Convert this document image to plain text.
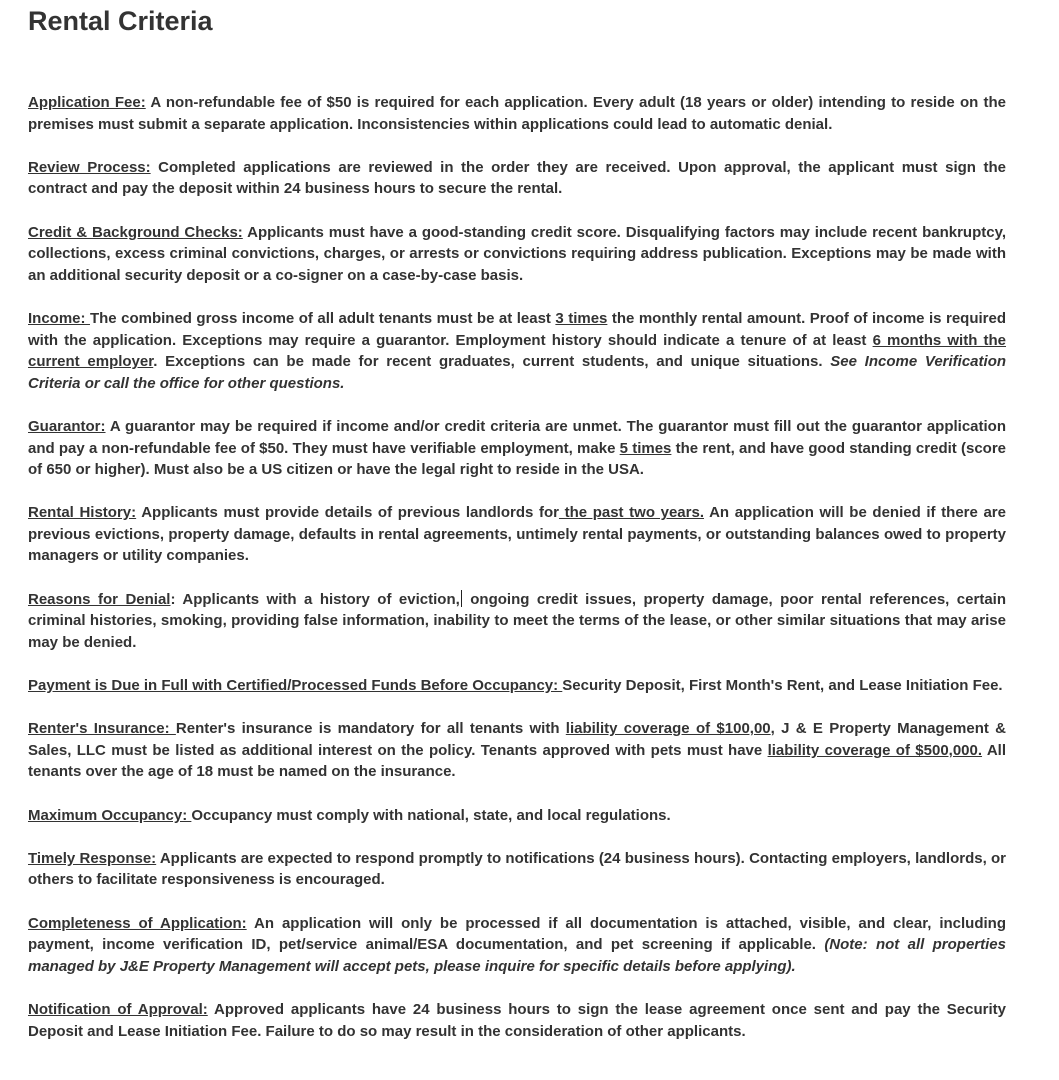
Rental Criteria

Application Fee: A non-refundable fee of $50 is required for each application. Every adult (18 years or older) intending to reside on the premises must submit a separate application. Inconsistencies within applications could lead to automatic denial.

Review Process: Completed applications are reviewed in the order they are received. Upon approval, the applicant must sign the contract and pay the deposit within 24 business hours to secure the rental.

Credit & Background Checks: Applicants must have a good-standing credit score. Disqualifying factors may include recent bankruptcy, collections, excess criminal convictions, charges, or arrests or convictions requiring address publication. Exceptions may be made with an additional security deposit or a co-signer on a case-by-case basis.

Income: The combined gross income of all adult tenants must be at least 3 times the monthly rental amount. Proof of income is required with the application. Exceptions may require a guarantor. Employment history should indicate a tenure of at least 6 months with the current employer. Exceptions can be made for recent graduates, current students, and unique situations. See Income Verification Criteria or call the office for other questions.

Guarantor: A guarantor may be required if income and/or credit criteria are unmet. The guarantor must fill out the guarantor application and pay a non-refundable fee of $50. They must have verifiable employment, make 5 times the rent, and have good standing credit (score of 650 or higher). Must also be a US citizen or have the legal right to reside in the USA.

Rental History: Applicants must provide details of previous landlords for the past two years. An application will be denied if there are previous evictions, property damage, defaults in rental agreements, untimely rental payments, or outstanding balances owed to property managers or utility companies.

Reasons for Denial: Applicants with a history of eviction, ongoing credit issues, property damage, poor rental references, certain criminal histories, smoking, providing false information, inability to meet the terms of the lease, or other similar situations that may arise may be denied.

Payment is Due in Full with Certified/Processed Funds Before Occupancy: Security Deposit, First Month's Rent, and Lease Initiation Fee.

Renter's Insurance: Renter's insurance is mandatory for all tenants with liability coverage of $100,00, J & E Property Management & Sales, LLC must be listed as additional interest on the policy. Tenants approved with pets must have liability coverage of $500,000. All tenants over the age of 18 must be named on the insurance.

Maximum Occupancy: Occupancy must comply with national, state, and local regulations.

Timely Response: Applicants are expected to respond promptly to notifications (24 business hours). Contacting employers, landlords, or others to facilitate responsiveness is encouraged.

Completeness of Application: An application will only be processed if all documentation is attached, visible, and clear, including payment, income verification ID, pet/service animal/ESA documentation, and pet screening if applicable. (Note: not all properties managed by J&E Property Management will accept pets, please inquire for specific details before applying).

Notification of Approval: Approved applicants have 24 business hours to sign the lease agreement once sent and pay the Security Deposit and Lease Initiation Fee. Failure to do so may result in the consideration of other applicants.
